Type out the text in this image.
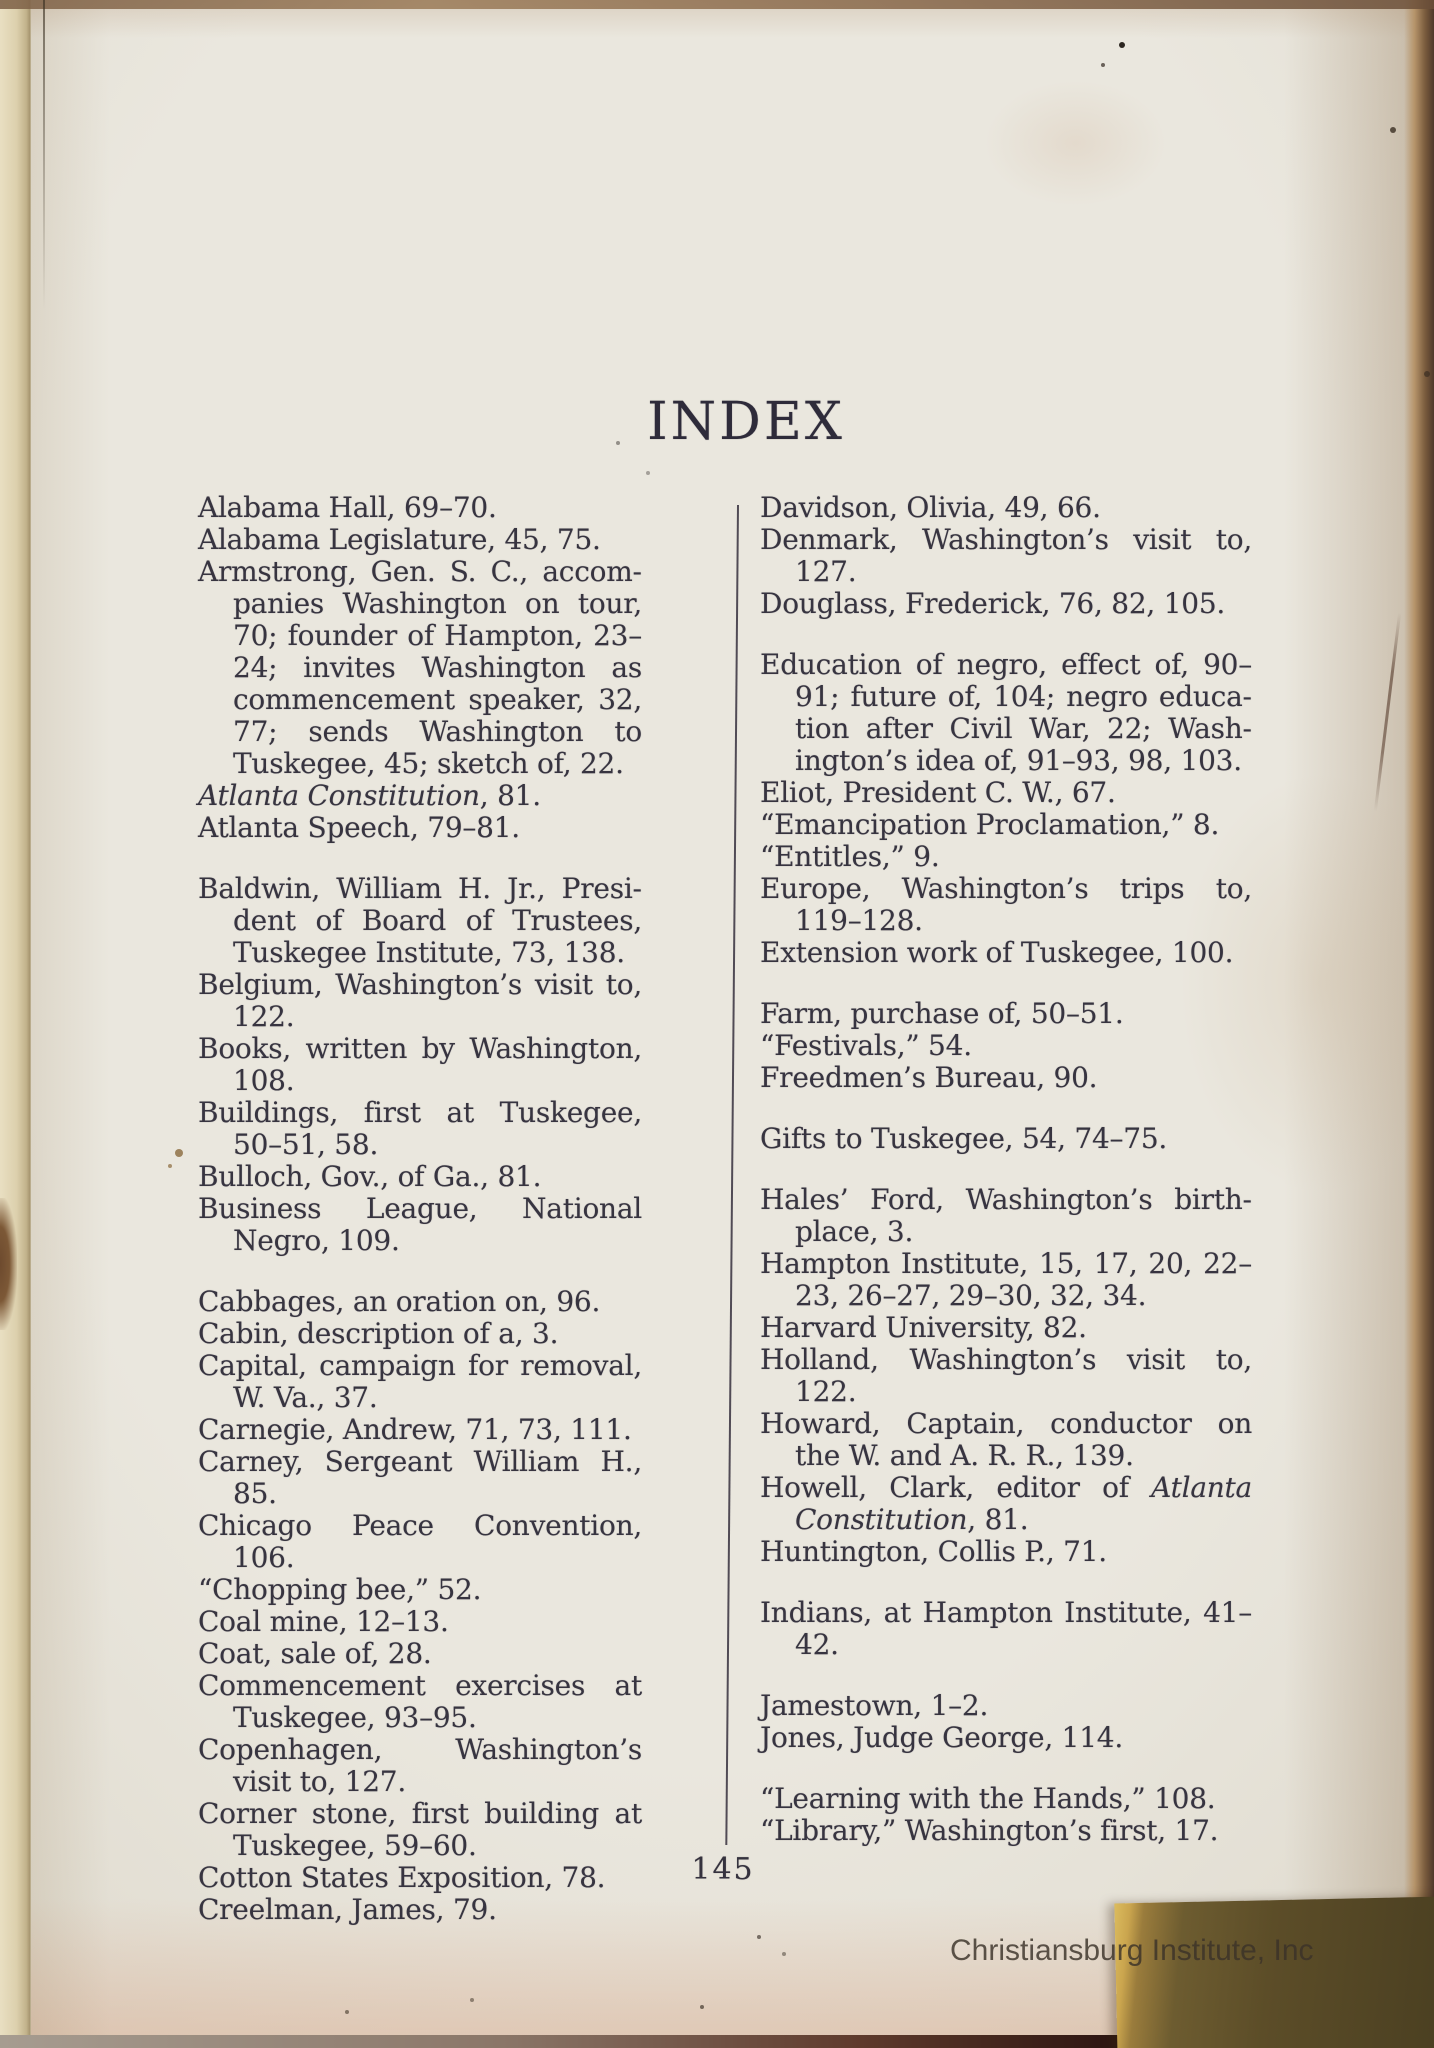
INDEX

Alabama Hall, 69–70.

Alabama Legislature, 45, 75.

Armstrong, Gen. S. C., accompanies Washington on tour, 70; founder of Hampton, 23–24; invites Washington as commencement speaker, 32, 77; sends Washington to Tuskegee, 45; sketch of, 22.

Atlanta Constitution, 81.

Atlanta Speech, 79–81.

Baldwin, William H. Jr., President of Board of Trustees, Tuskegee Institute, 73, 138.

Belgium, Washington’s visit to, 122.

Books, written by Washington, 108.

Buildings, first at Tuskegee, 50–51, 58.

Bulloch, Gov., of Ga., 81.

Business League, National Negro, 109.

Cabbages, an oration on, 96.

Cabin, description of a, 3.

Capital, campaign for removal, W. Va., 37.

Carnegie, Andrew, 71, 73, 111.

Carney, Sergeant William H., 85.

Chicago Peace Convention, 106.

“Chopping bee,” 52.

Coal mine, 12–13.

Coat, sale of, 28.

Commencement exercises at Tuskegee, 93–95.

Copenhagen, Washington’s visit to, 127.

Corner stone, first building at Tuskegee, 59–60.

Cotton States Exposition, 78.

Creelman, James, 79.

Davidson, Olivia, 49, 66.

Denmark, Washington’s visit to, 127.

Douglass, Frederick, 76, 82, 105.

Education of negro, effect of, 90–91; future of, 104; negro education after Civil War, 22; Washington’s idea of, 91–93, 98, 103.

Eliot, President C. W., 67.

“Emancipation Proclamation,” 8.

“Entitles,” 9.

Europe, Washington’s trips to, 119–128.

Extension work of Tuskegee, 100.

Farm, purchase of, 50–51.

“Festivals,” 54.

Freedmen’s Bureau, 90.

Gifts to Tuskegee, 54, 74–75.

Hales’ Ford, Washington’s birthplace, 3.

Hampton Institute, 15, 17, 20, 22–23, 26–27, 29–30, 32, 34.

Harvard University, 82.

Holland, Washington’s visit to, 122.

Howard, Captain, conductor on the W. and A. R. R., 139.

Howell, Clark, editor of Atlanta Constitution, 81.

Huntington, Collis P., 71.

Indians, at Hampton Institute, 41–42.

Jamestown, 1–2.

Jones, Judge George, 114.

“Learning with the Hands,” 108.

“Library,” Washington’s first, 17.

145
Christiansburg Institute, Inc
